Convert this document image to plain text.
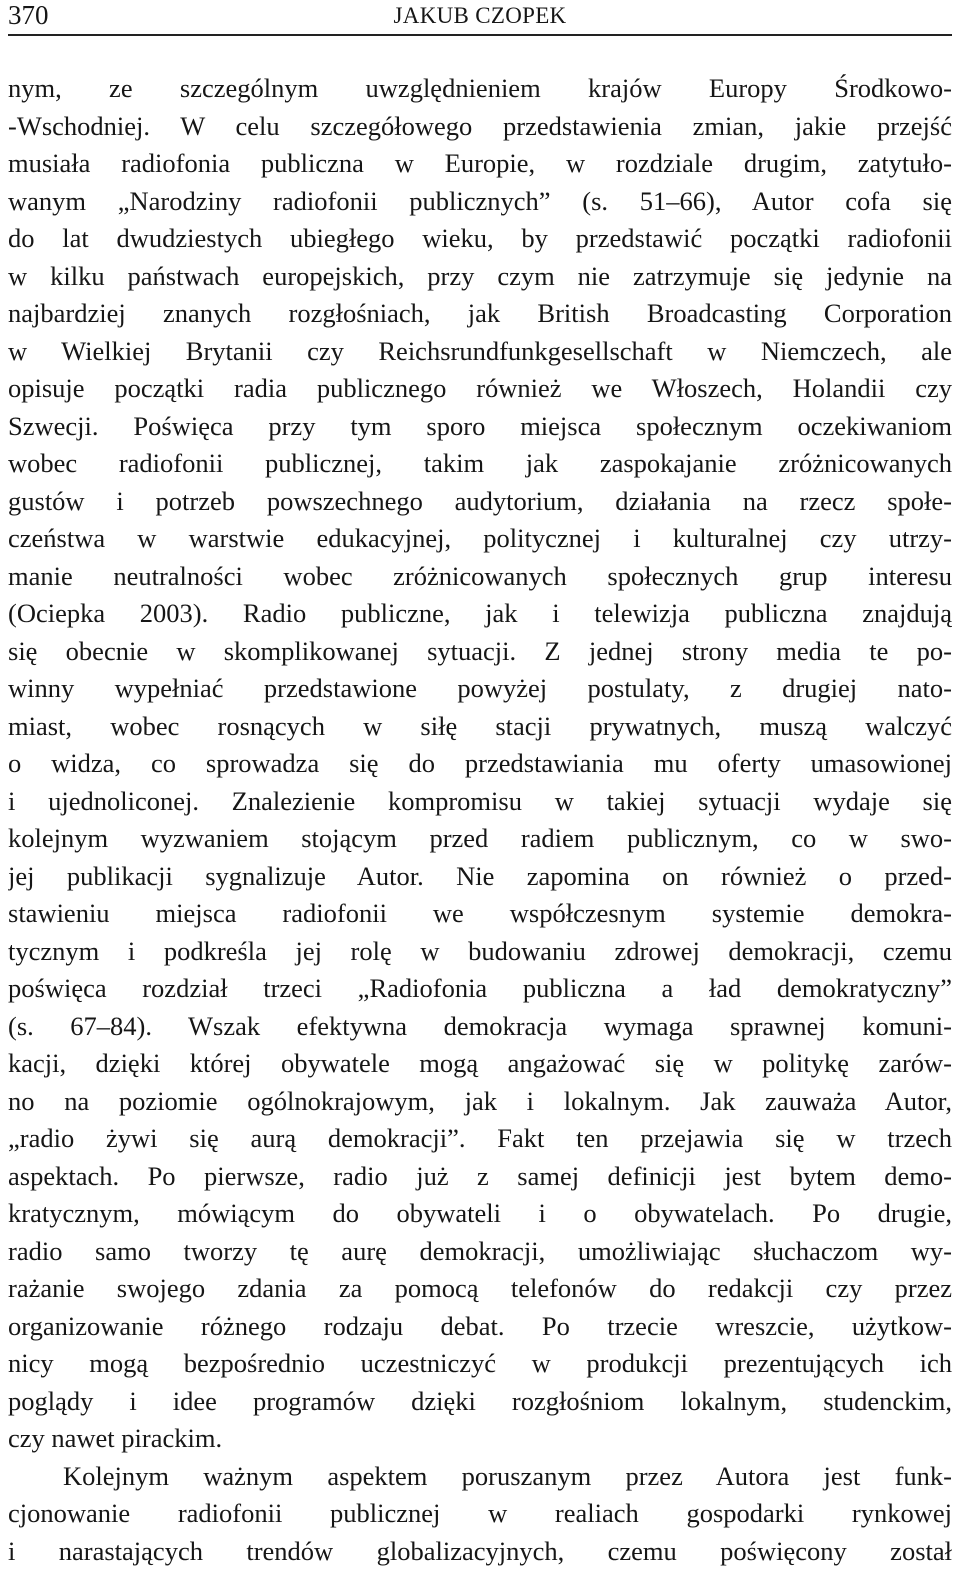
370	JAKUB CZOPEK
nym, ze szczególnym uwzględnieniem krajów Europy Środkowo-
-Wschodniej. W celu szczegółowego przedstawienia zmian, jakie przejść
musiała radiofonia publiczna w Europie, w rozdziale drugim, zatytuło-
wanym „Narodziny radiofonii publicznych” (s. 51–66), Autor cofa się
do lat dwudziestych ubiegłego wieku, by przedstawić początki radiofonii
w kilku państwach europejskich, przy czym nie zatrzymuje się jedynie na
najbardziej znanych rozgłośniach, jak British Broadcasting Corporation
w Wielkiej Brytanii czy Reichsrundfunkgesellschaft w Niemczech, ale
opisuje początki radia publicznego również we Włoszech, Holandii czy
Szwecji. Poświęca przy tym sporo miejsca społecznym oczekiwaniom
wobec radiofonii publicznej, takim jak zaspokajanie zróżnicowanych
gustów i potrzeb powszechnego audytorium, działania na rzecz społe-
czeństwa w warstwie edukacyjnej, politycznej i kulturalnej czy utrzy-
manie neutralności wobec zróżnicowanych społecznych grup interesu
(Ociepka 2003). Radio publiczne, jak i telewizja publiczna znajdują
się obecnie w skomplikowanej sytuacji. Z jednej strony media te po-
winny wypełniać przedstawione powyżej postulaty, z drugiej nato-
miast, wobec rosnących w siłę stacji prywatnych, muszą walczyć
o widza, co sprowadza się do przedstawiania mu oferty umasowionej
i ujednoliconej. Znalezienie kompromisu w takiej sytuacji wydaje się
kolejnym wyzwaniem stojącym przed radiem publicznym, co w swo-
jej publikacji sygnalizuje Autor. Nie zapomina on również o przed-
stawieniu miejsca radiofonii we współczesnym systemie demokra-
tycznym i podkreśla jej rolę w budowaniu zdrowej demokracji, czemu
poświęca rozdział trzeci „Radiofonia publiczna a ład demokratyczny”
(s. 67–84). Wszak efektywna demokracja wymaga sprawnej komuni-
kacji, dzięki której obywatele mogą angażować się w politykę zarów-
no na poziomie ogólnokrajowym, jak i lokalnym. Jak zauważa Autor,
„radio żywi się aurą demokracji”. Fakt ten przejawia się w trzech
aspektach. Po pierwsze, radio już z samej definicji jest bytem demo-
kratycznym, mówiącym do obywateli i o obywatelach. Po drugie,
radio samo tworzy tę aurę demokracji, umożliwiając słuchaczom wy-
rażanie swojego zdania za pomocą telefonów do redakcji czy przez
organizowanie różnego rodzaju debat. Po trzecie wreszcie, użytkow-
nicy mogą bezpośrednio uczestniczyć w produkcji prezentujących ich
poglądy i idee programów dzięki rozgłośniom lokalnym, studenckim,
czy nawet pirackim.
Kolejnym ważnym aspektem poruszanym przez Autora jest funk-
cjonowanie radiofonii publicznej w realiach gospodarki rynkowej
i narastających trendów globalizacyjnych, czemu poświęcony został
